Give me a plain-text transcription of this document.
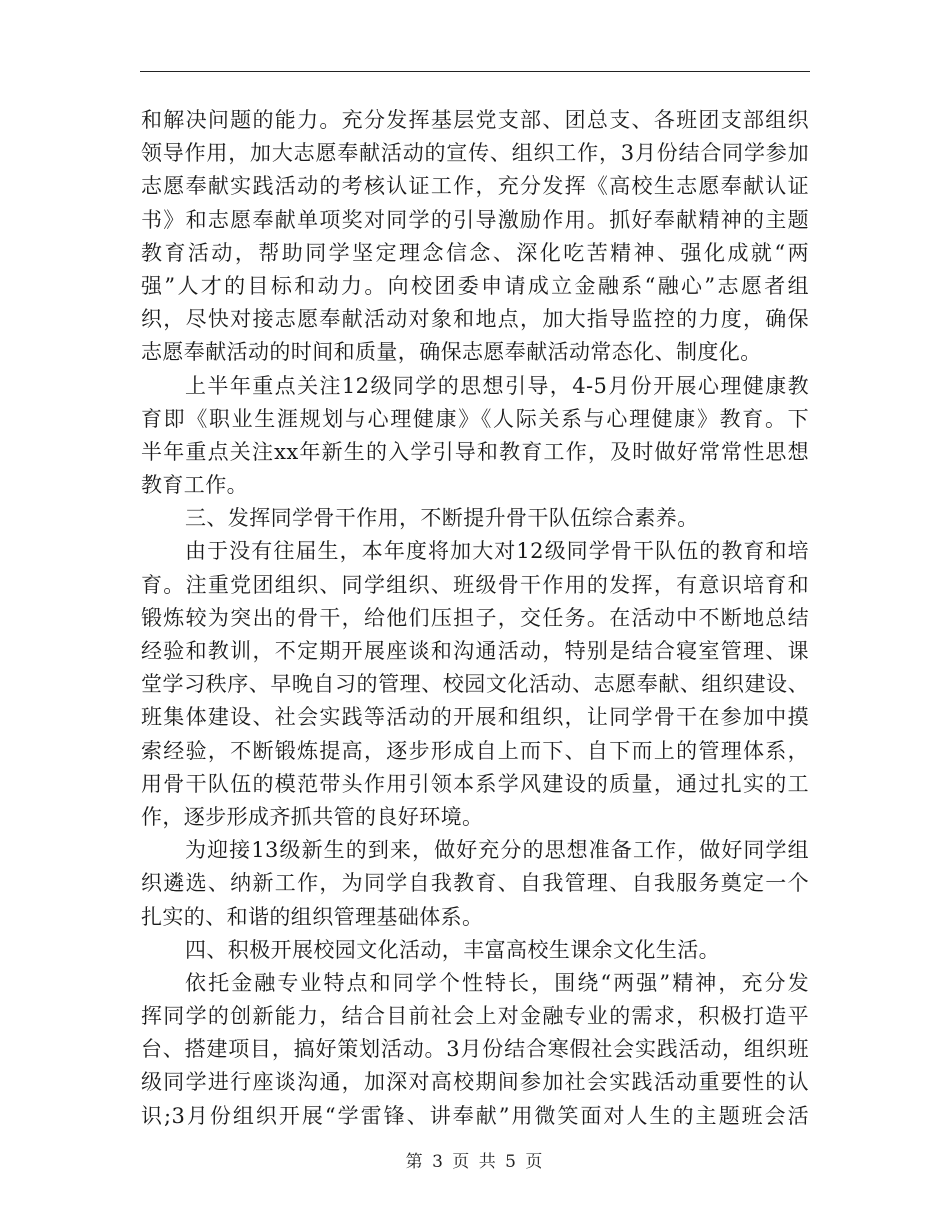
和解决问题的能力。充分发挥基层党支部、团总支、各班团支部组织
领导作用，加大志愿奉献活动的宣传、组织工作，3月份结合同学参加
志愿奉献实践活动的考核认证工作，充分发挥《高校生志愿奉献认证
书》和志愿奉献单项奖对同学的引导激励作用。抓好奉献精神的主题
教育活动，帮助同学坚定理念信念、深化吃苦精神、强化成就“两
强”人才的目标和动力。向校团委申请成立金融系“融心”志愿者组
织，尽快对接志愿奉献活动对象和地点，加大指导监控的力度，确保
志愿奉献活动的时间和质量，确保志愿奉献活动常态化、制度化。
上半年重点关注12级同学的思想引导，4-5月份开展心理健康教
育即《职业生涯规划与心理健康》《人际关系与心理健康》教育。下
半年重点关注xx年新生的入学引导和教育工作，及时做好常常性思想
教育工作。
三、发挥同学骨干作用，不断提升骨干队伍综合素养。
由于没有往届生，本年度将加大对12级同学骨干队伍的教育和培
育。注重党团组织、同学组织、班级骨干作用的发挥，有意识培育和
锻炼较为突出的骨干，给他们压担子，交任务。在活动中不断地总结
经验和教训，不定期开展座谈和沟通活动，特别是结合寝室管理、课
堂学习秩序、早晚自习的管理、校园文化活动、志愿奉献、组织建设、
班集体建设、社会实践等活动的开展和组织，让同学骨干在参加中摸
索经验，不断锻炼提高，逐步形成自上而下、自下而上的管理体系，
用骨干队伍的模范带头作用引领本系学风建设的质量，通过扎实的工
作，逐步形成齐抓共管的良好环境。
为迎接13级新生的到来，做好充分的思想准备工作，做好同学组
织遴选、纳新工作，为同学自我教育、自我管理、自我服务奠定一个
扎实的、和谐的组织管理基础体系。
四、积极开展校园文化活动，丰富高校生课余文化生活。
依托金融专业特点和同学个性特长，围绕“两强”精神，充分发
挥同学的创新能力，结合目前社会上对金融专业的需求，积极打造平
台、搭建项目，搞好策划活动。3月份结合寒假社会实践活动，组织班
级同学进行座谈沟通，加深对高校期间参加社会实践活动重要性的认
识;3月份组织开展“学雷锋、讲奉献”用微笑面对人生的主题班会活
第 3 页 共 5 页
